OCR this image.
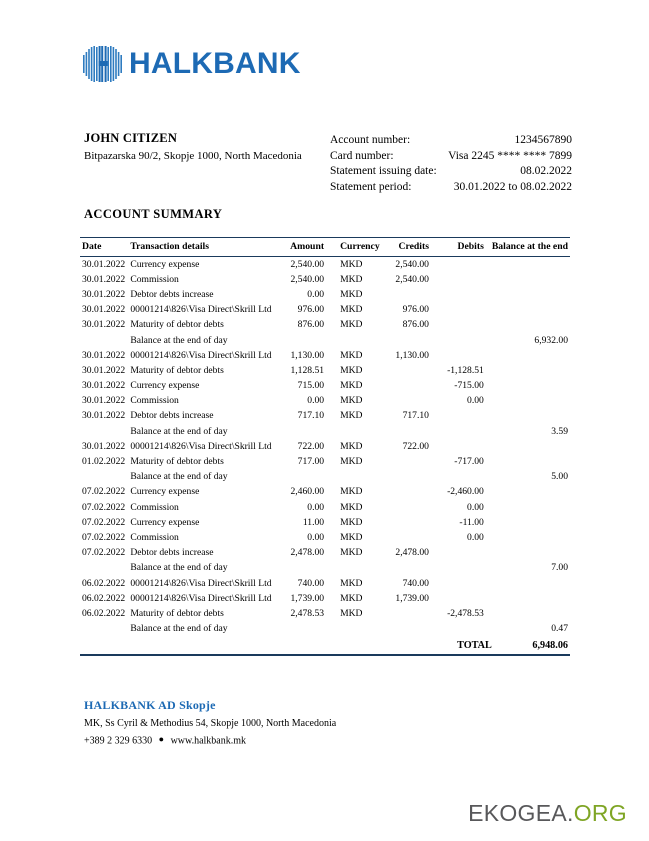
HALKBANK
JOHN CITIZEN
Bitpazarska 90/2, Skopje 1000, North Macedonia
Account number:	1234567890
Card number:	Visa 2245 **** **** 7899
Statement issuing date:	08.02.2022
Statement period:	30.01.2022 to 08.02.2022
ACCOUNT SUMMARY
Date	Transaction details	Amount	Currency	Credits	Debits	Balance at the end
30.01.2022	Currency expense	2,540.00	MKD	2,540.00		
30.01.2022	Commission	2,540.00	MKD	2,540.00		
30.01.2022	Debtor debts increase	0.00	MKD			
30.01.2022	00001214\826\Visa Direct\Skrill Ltd	976.00	MKD	976.00		
30.01.2022	Maturity of debtor debts	876.00	MKD	876.00		
	Balance at the end of day					6,932.00
30.01.2022	00001214\826\Visa Direct\Skrill Ltd	1,130.00	MKD	1,130.00		
30.01.2022	Maturity of debtor debts	1,128.51	MKD		-1,128.51	
30.01.2022	Currency expense	715.00	MKD		-715.00	
30.01.2022	Commission	0.00	MKD		0.00	
30.01.2022	Debtor debts increase	717.10	MKD	717.10		
	Balance at the end of day					3.59
30.01.2022	00001214\826\Visa Direct\Skrill Ltd	722.00	MKD	722.00		
01.02.2022	Maturity of debtor debts	717.00	MKD		-717.00	
	Balance at the end of day					5.00
07.02.2022	Currency expense	2,460.00	MKD		-2,460.00	
07.02.2022	Commission	0.00	MKD		0.00	
07.02.2022	Currency expense	11.00	MKD		-11.00	
07.02.2022	Commission	0.00	MKD		0.00	
07.02.2022	Debtor debts increase	2,478.00	MKD	2,478.00		
	Balance at the end of day					7.00
06.02.2022	00001214\826\Visa Direct\Skrill Ltd	740.00	MKD	740.00		
06.02.2022	00001214\826\Visa Direct\Skrill Ltd	1,739.00	MKD	1,739.00		
06.02.2022	Maturity of debtor debts	2,478.53	MKD		-2,478.53	
	Balance at the end of day					0.47
					TOTAL	6,948.06
HALKBANK AD Skopje
MK, Ss Cyril & Methodius 54, Skopje 1000, North Macedonia
+389 2 329 6330 ● www.halkbank.mk
EKOGEA.ORG
